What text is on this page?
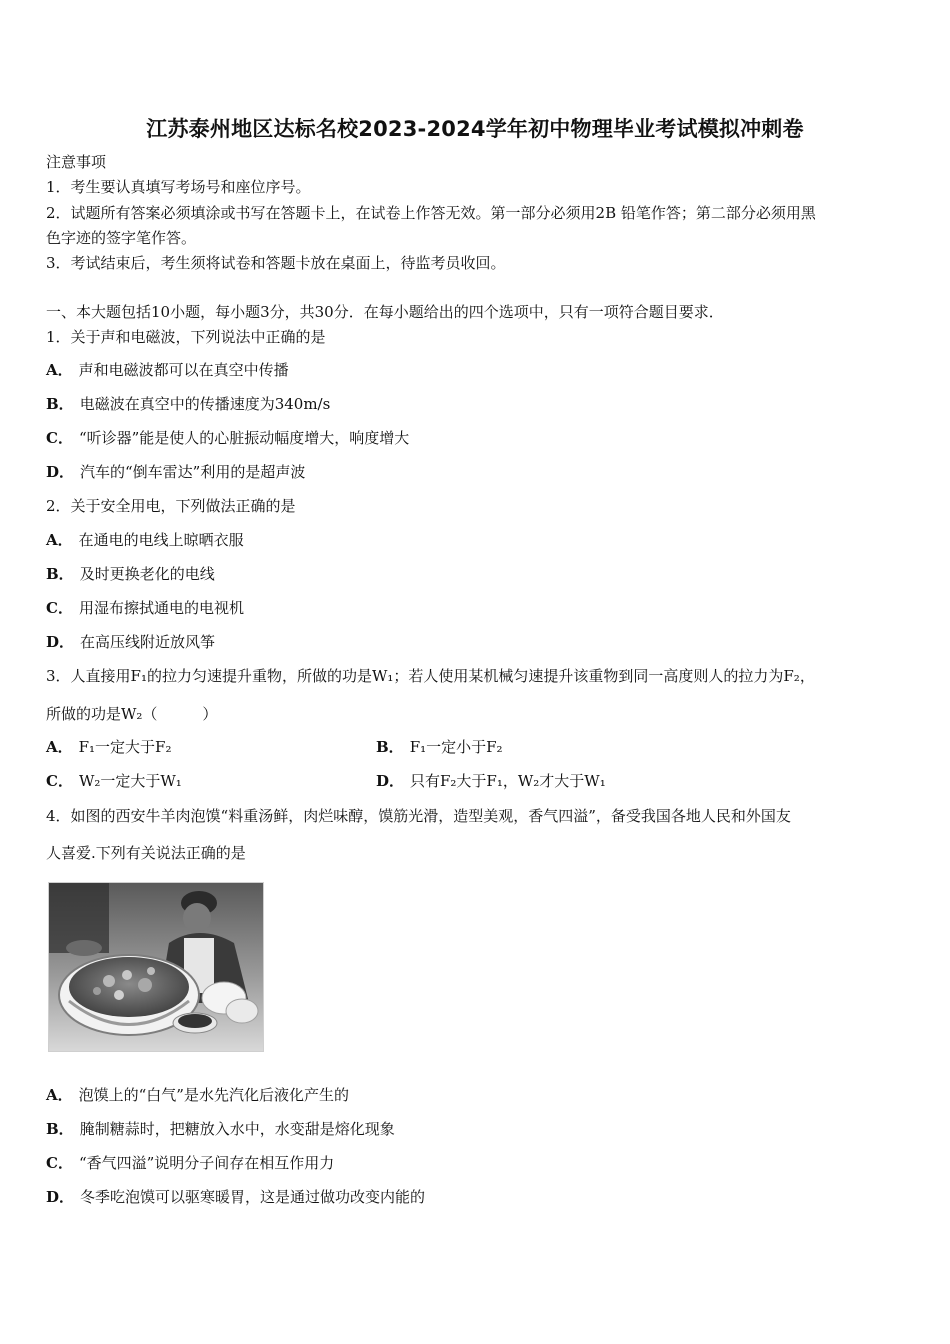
江苏泰州地区达标名校2023-2024学年初中物理毕业考试模拟冲刺卷
注意事项
1．考生要认真填写考场号和座位序号。
2．试题所有答案必须填涂或书写在答题卡上，在试卷上作答无效。第一部分必须用2B 铅笔作答；第二部分必须用黑
色字迹的签字笔作答。
3．考试结束后，考生须将试卷和答题卡放在桌面上，待监考员收回。
一、本大题包括10小题，每小题3分，共30分．在每小题给出的四个选项中，只有一项符合题目要求．
1．关于声和电磁波，下列说法中正确的是
A． 声和电磁波都可以在真空中传播
B． 电磁波在真空中的传播速度为340m/s
C． “听诊器”能是使人的心脏振动幅度增大，响度增大
D． 汽车的“倒车雷达”利用的是超声波
2．关于安全用电，下列做法正确的是
A． 在通电的电线上晾晒衣服
B． 及时更换老化的电线
C． 用湿布擦拭通电的电视机
D． 在高压线附近放风筝
3．人直接用F₁的拉力匀速提升重物，所做的功是W₁；若人使用某机械匀速提升该重物到同一高度则人的拉力为F₂，
所做的功是W₂（　　　）
A． F₁一定大于F₂	B． F₁一定小于F₂
C． W₂一定大于W₁	D． 只有F₂大于F₁，W₂才大于W₁
4．如图的西安牛羊肉泡馍“料重汤鲜，肉烂味醇，馍筋光滑，造型美观，香气四溢”，备受我国各地人民和外国友
人喜爱.下列有关说法正确的是
A． 泡馍上的“白气”是水先汽化后液化产生的
B． 腌制糖蒜时，把糖放入水中，水变甜是熔化现象
C． “香气四溢”说明分子间存在相互作用力
D． 冬季吃泡馍可以驱寒暖胃，这是通过做功改变内能的
